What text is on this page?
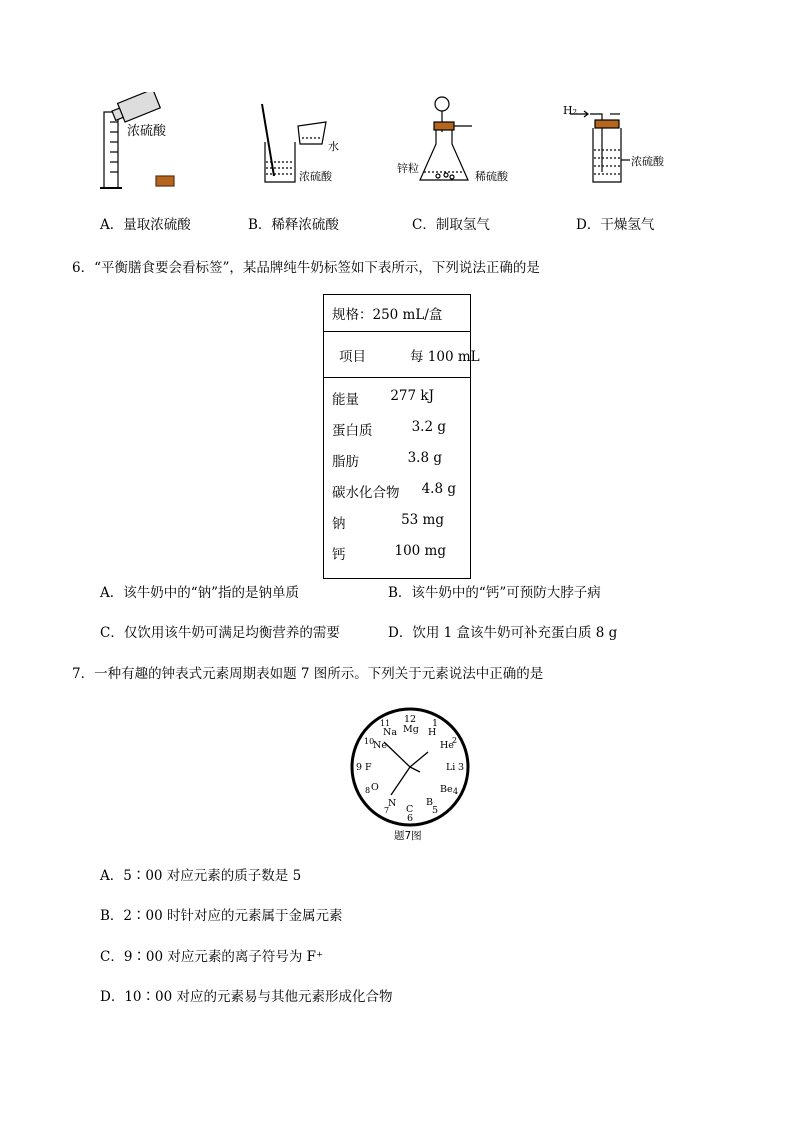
浓硫酸
水
浓硫酸
锌粒
稀硫酸
H₂
浓硫酸
A．量取浓硫酸	B．稀释浓硫酸	C．制取氢气	D．干燥氢气
6．“平衡膳食要会看标签”，某品牌纯牛奶标签如下表所示，下列说法正确的是
规格：250 mL/盒
项目	每 100 mL
能量 277 kJ
蛋白质	3.2 g
脂肪	3.8 g
碳水化合物 4.8 g
钠	53 mg
钙	100 mg
A．该牛奶中的“钠”指的是钠单质	B．该牛奶中的“钙”可预防大脖子病
C．仅饮用该牛奶可满足均衡营养的需要	D．饮用 1 盒该牛奶可补充蛋白质 8 g
7．一种有趣的钟表式元素周期表如题 7 图所示。下列关于元素说法中正确的是
12
Mg
1
H
He
2
Li 3
Be 4
B
5
C
6
N
7
8 O
9 F
10
Ne
11
Na
题7图
A．5∶00 对应元素的质子数是 5
B．2∶00 时针对应的元素属于金属元素
C．9∶00 对应元素的离子符号为 F⁺
D．10∶00 对应的元素易与其他元素形成化合物
